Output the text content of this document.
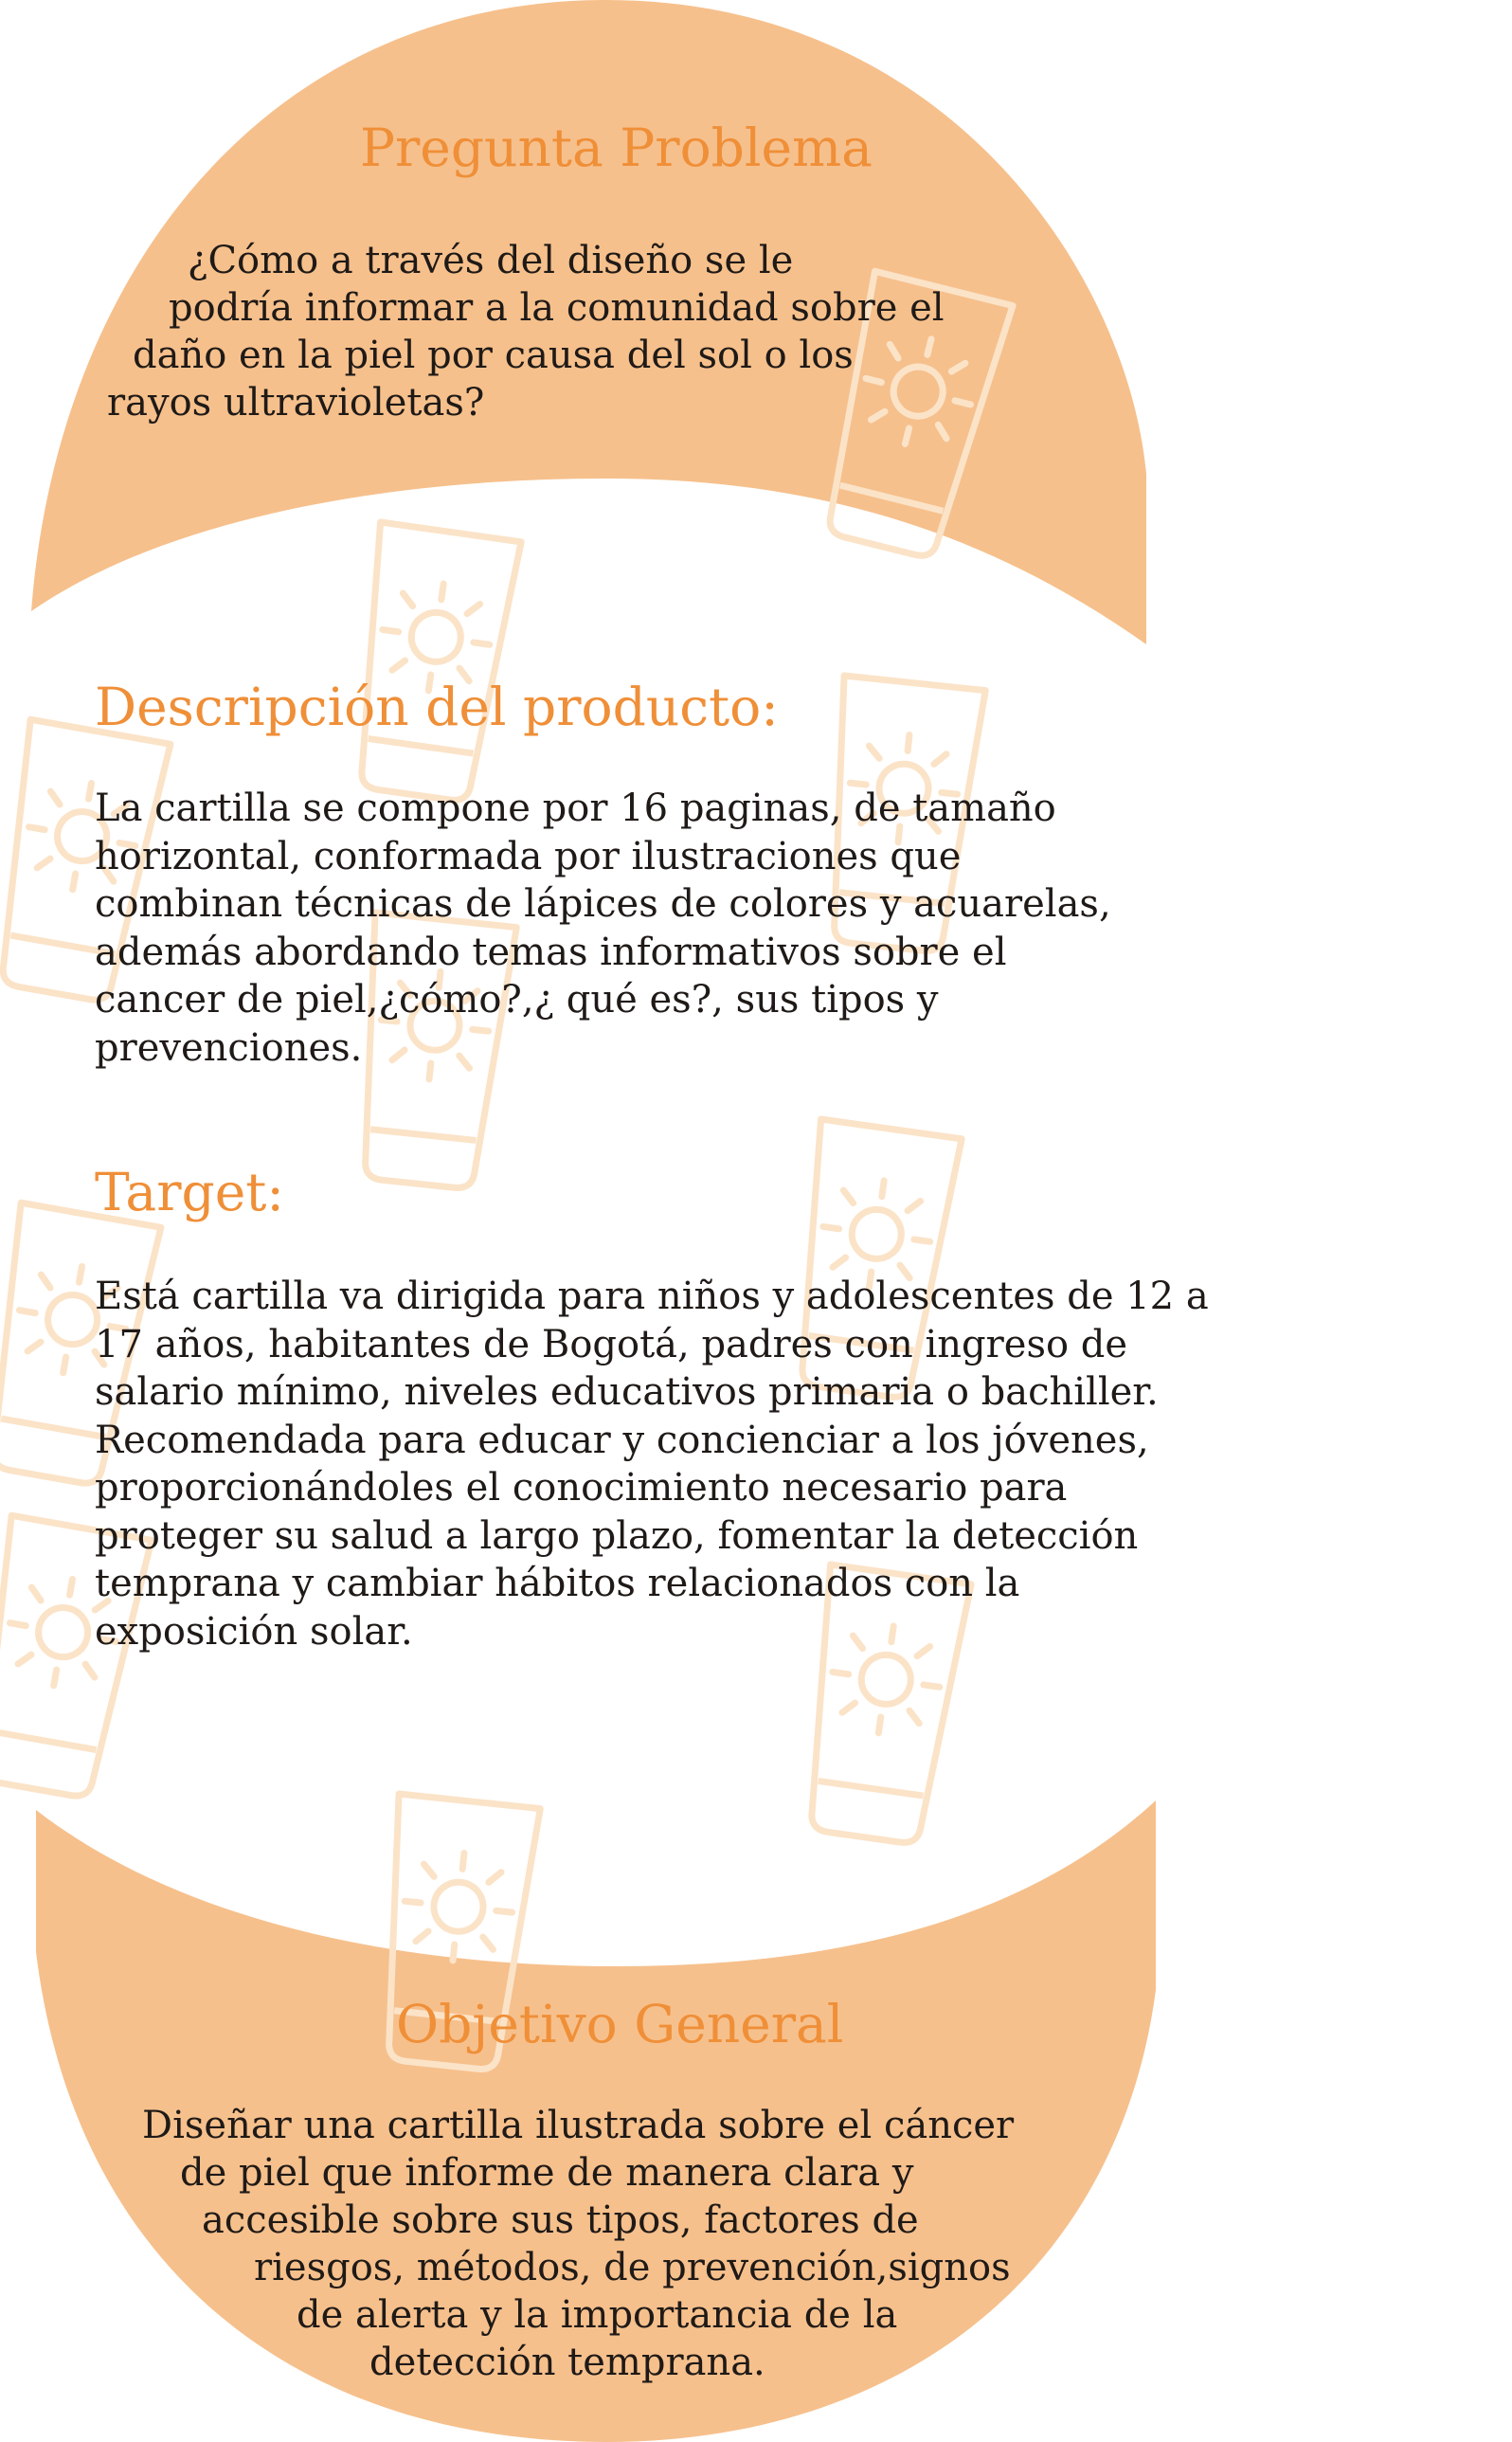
Pregunta Problema
¿Cómo a través del diseño se le
podría informar a la comunidad sobre el
daño en la piel por causa del sol o los
rayos ultravioletas?
Descripción del producto:
La cartilla se compone por 16 paginas, de tamaño
horizontal, conformada por ilustraciones que
combinan técnicas de lápices de colores y acuarelas,
además abordando temas informativos sobre el
cancer de piel,¿cómo?,¿ qué es?, sus tipos y
prevenciones.
Target:
Está cartilla va dirigida para niños y adolescentes de 12 a
17 años, habitantes de Bogotá, padres con ingreso de
salario mínimo, niveles educativos primaria o bachiller.
Recomendada para educar y concienciar a los jóvenes,
proporcionándoles el conocimiento necesario para
proteger su salud a largo plazo, fomentar la detección
temprana y cambiar hábitos relacionados con la
exposición solar.
Objetivo General
Diseñar una cartilla ilustrada sobre el cáncer
de piel que informe de manera clara y
accesible sobre sus tipos, factores de
riesgos, métodos, de prevención,signos
de alerta y la importancia de la
detección temprana.
